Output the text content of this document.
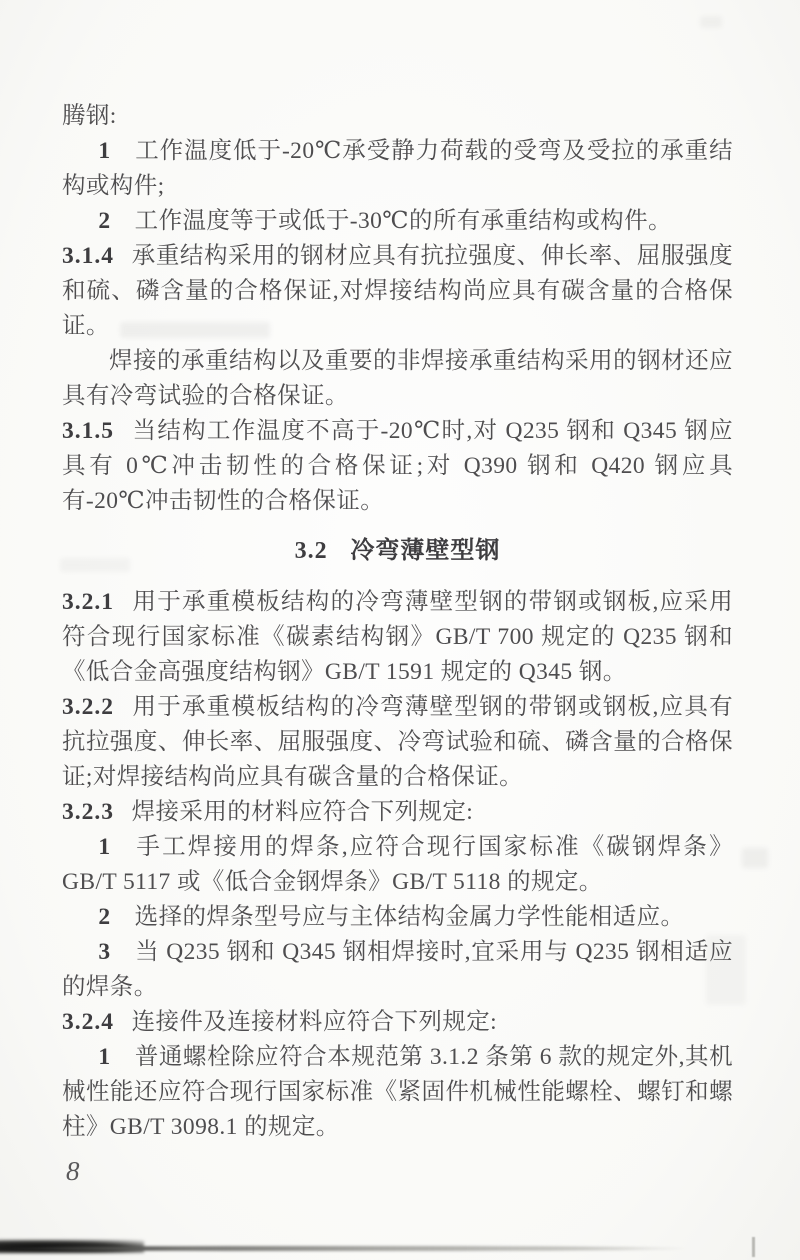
腾钢:

1 工作温度低于-20℃承受静力荷载的受弯及受拉的承重结构或构件;

2 工作温度等于或低于-30℃的所有承重结构或构件。

3.1.4 承重结构采用的钢材应具有抗拉强度、伸长率、屈服强度和硫、磷含量的合格保证,对焊接结构尚应具有碳含量的合格保证。

焊接的承重结构以及重要的非焊接承重结构采用的钢材还应具有冷弯试验的合格保证。

3.1.5 当结构工作温度不高于-20℃时,对 Q235 钢和 Q345 钢应具有 0℃冲击韧性的合格保证;对 Q390 钢和 Q420 钢应具有-20℃冲击韧性的合格保证。

3.2 冷弯薄壁型钢

3.2.1 用于承重模板结构的冷弯薄壁型钢的带钢或钢板,应采用符合现行国家标准《碳素结构钢》GB/T 700 规定的 Q235 钢和《低合金高强度结构钢》GB/T 1591 规定的 Q345 钢。

3.2.2 用于承重模板结构的冷弯薄壁型钢的带钢或钢板,应具有抗拉强度、伸长率、屈服强度、冷弯试验和硫、磷含量的合格保证;对焊接结构尚应具有碳含量的合格保证。

3.2.3 焊接采用的材料应符合下列规定:

1 手工焊接用的焊条,应符合现行国家标准《碳钢焊条》GB/T 5117 或《低合金钢焊条》GB/T 5118 的规定。

2 选择的焊条型号应与主体结构金属力学性能相适应。

3 当 Q235 钢和 Q345 钢相焊接时,宜采用与 Q235 钢相适应的焊条。

3.2.4 连接件及连接材料应符合下列规定:

1 普通螺栓除应符合本规范第 3.1.2 条第 6 款的规定外,其机械性能还应符合现行国家标准《紧固件机械性能螺栓、螺钉和螺柱》GB/T 3098.1 的规定。

8
